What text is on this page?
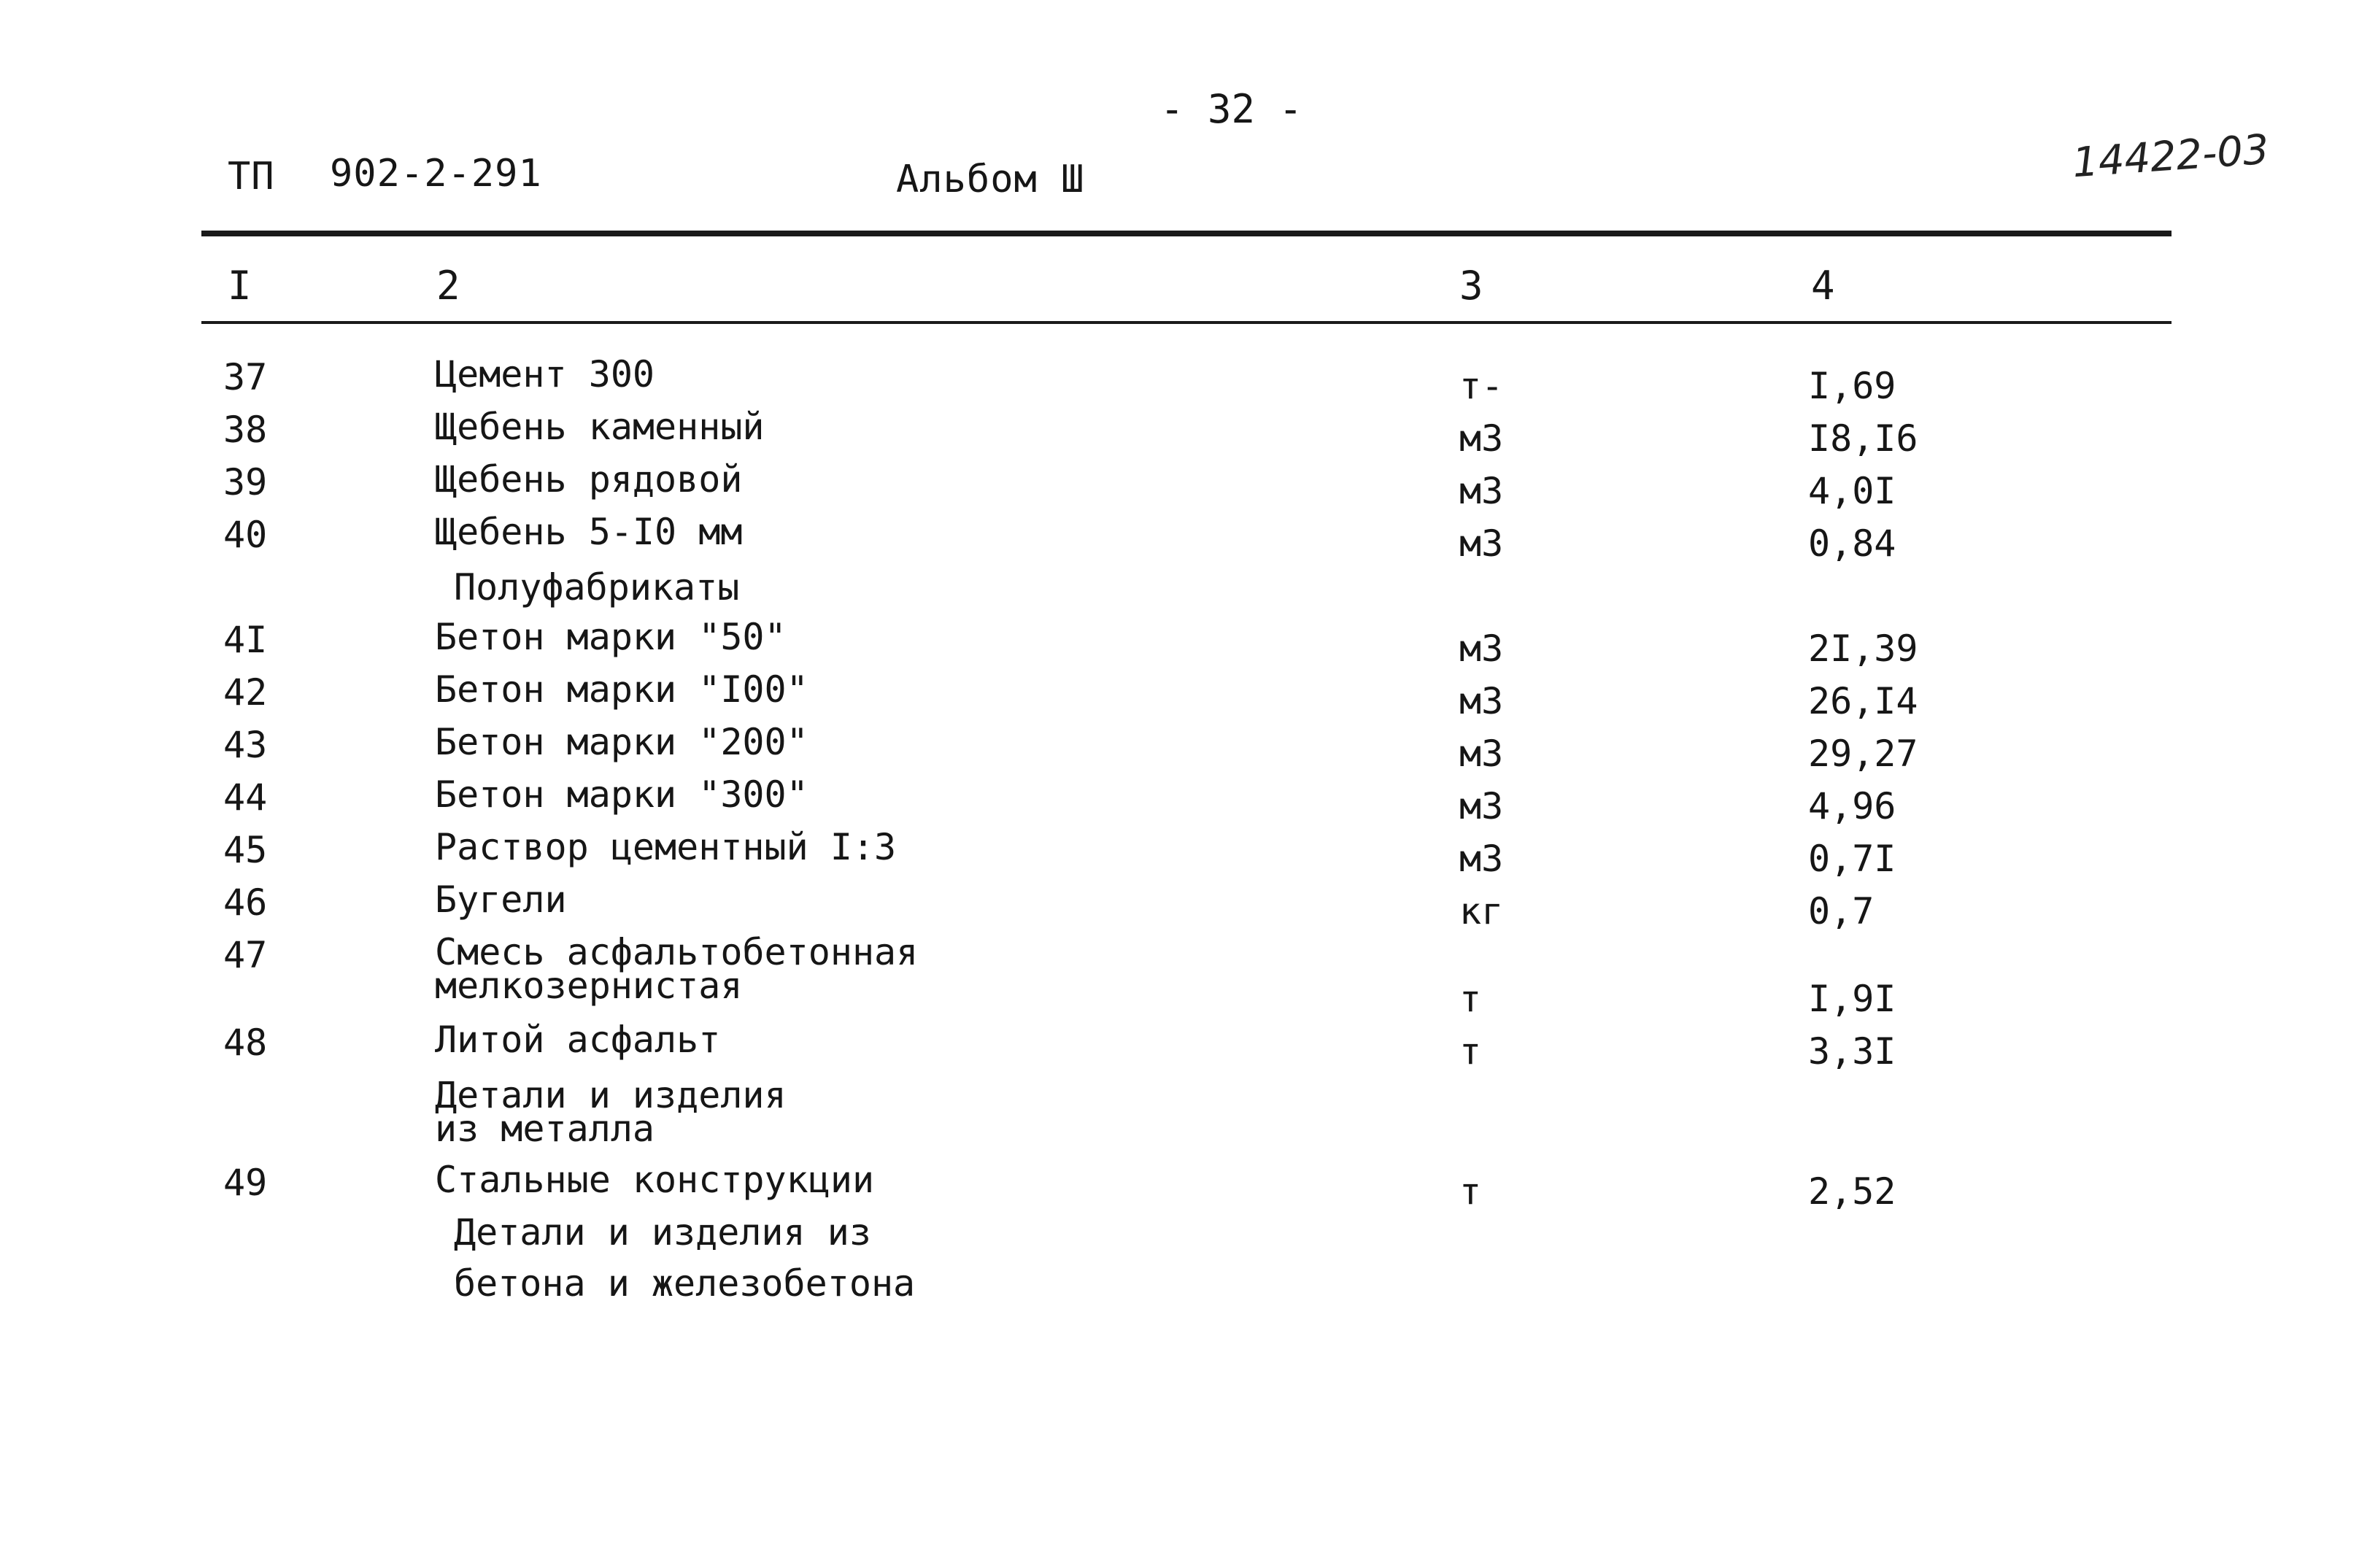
- 32 -
ТП 902-2-291	Альбом Ш	14422-03
I	2	3	4
37	Цемент 300	т-	I,69
38	Щебень каменный	м3	I8,I6
39	Щебень рядовой	м3	4,0I
40	Щебень 5-I0 мм	м3	0,84
Полуфабрикаты
4I	Бетон марки "50"	м3	2I,39
42	Бетон марки "I00"	м3	26,I4
43	Бетон марки "200"	м3	29,27
44	Бетон марки "300"	м3	4,96
45	Раствор цементный I:3	м3	0,7I
46	Бугели	кг	0,7
47	Смесь асфальтобетонная
мелкозернистая	т	I,9I
48	Литой асфальт	т	3,3I
Детали и изделия
из металла
49	Стальные конструкции	т	2,52
Детали и изделия из
бетона и железобетона
